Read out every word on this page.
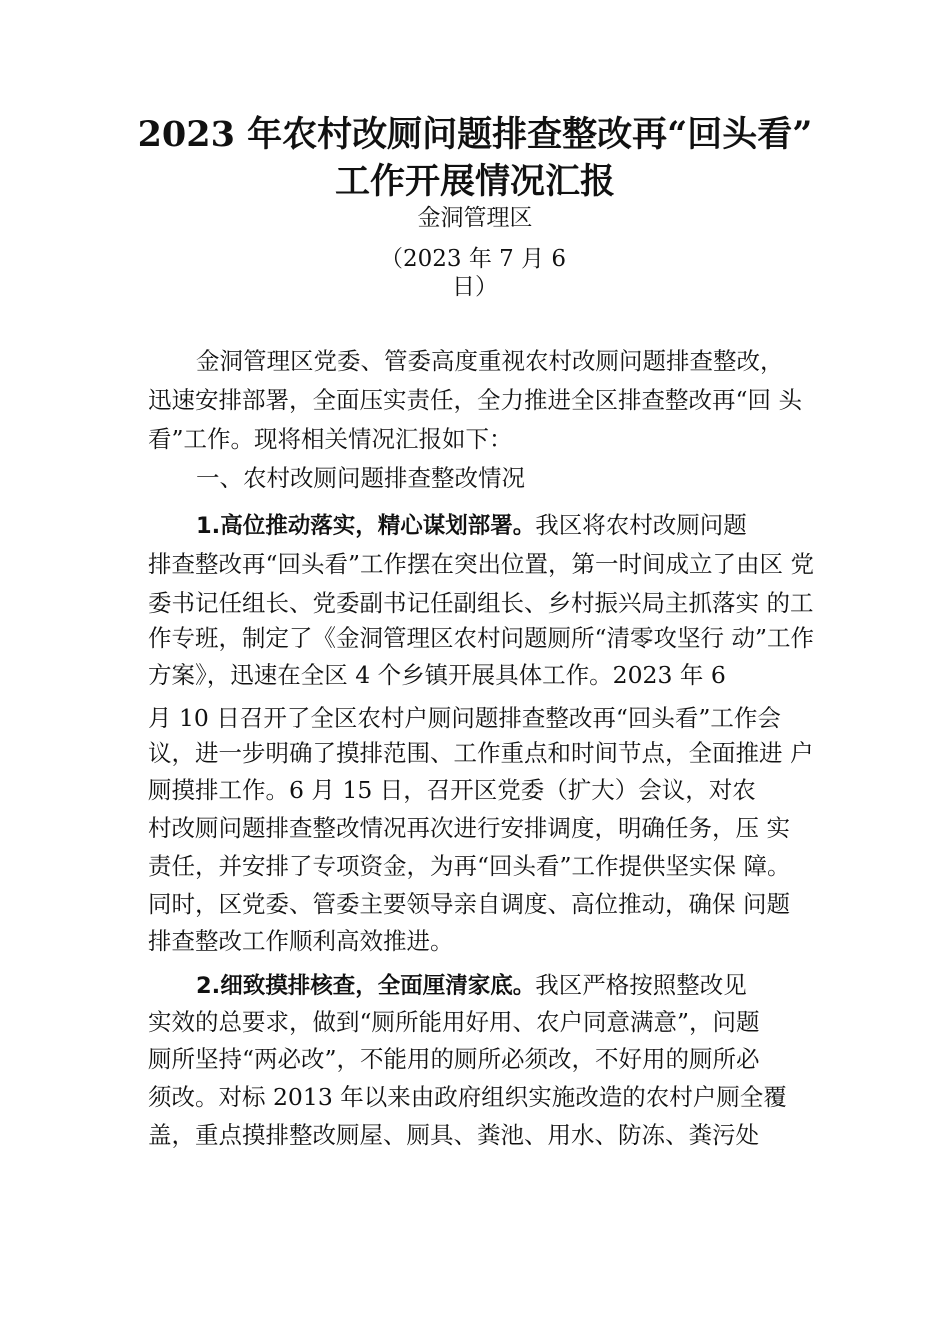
2023 年农村改厕问题排查整改再“回头看”
工作开展情况汇报
金洞管理区
（2023 年 7 月 6
日）
金洞管理区党委、管委高度重视农村改厕问题排查整改，
迅速安排部署，全面压实责任，全力推进全区排查整改再“回 头
看”工作。现将相关情况汇报如下：
一、农村改厕问题排查整改情况
1.高位推动落实，精心谋划部署。我区将农村改厕问题
排查整改再“回头看”工作摆在突出位置，第一时间成立了由区 党
委书记任组长、党委副书记任副组长、乡村振兴局主抓落实 的工
作专班，制定了《金洞管理区农村问题厕所“清零攻坚行 动”工作
方案》，迅速在全区 4 个乡镇开展具体工作。2023 年 6
月 10 日召开了全区农村户厕问题排查整改再“回头看”工作会
议，进一步明确了摸排范围、工作重点和时间节点，全面推进 户
厕摸排工作。6 月 15 日，召开区党委（扩大）会议，对农
村改厕问题排查整改情况再次进行安排调度，明确任务，压 实
责任，并安排了专项资金，为再“回头看”工作提供坚实保 障。
同时，区党委、管委主要领导亲自调度、高位推动，确保 问题
排查整改工作顺利高效推进。
2.细致摸排核查，全面厘清家底。我区严格按照整改见
实效的总要求，做到“厕所能用好用、农户同意满意”，问题
厕所坚持“两必改”，不能用的厕所必须改，不好用的厕所必
须改。对标 2013 年以来由政府组织实施改造的农村户厕全覆
盖，重点摸排整改厕屋、厕具、粪池、用水、防冻、粪污处
